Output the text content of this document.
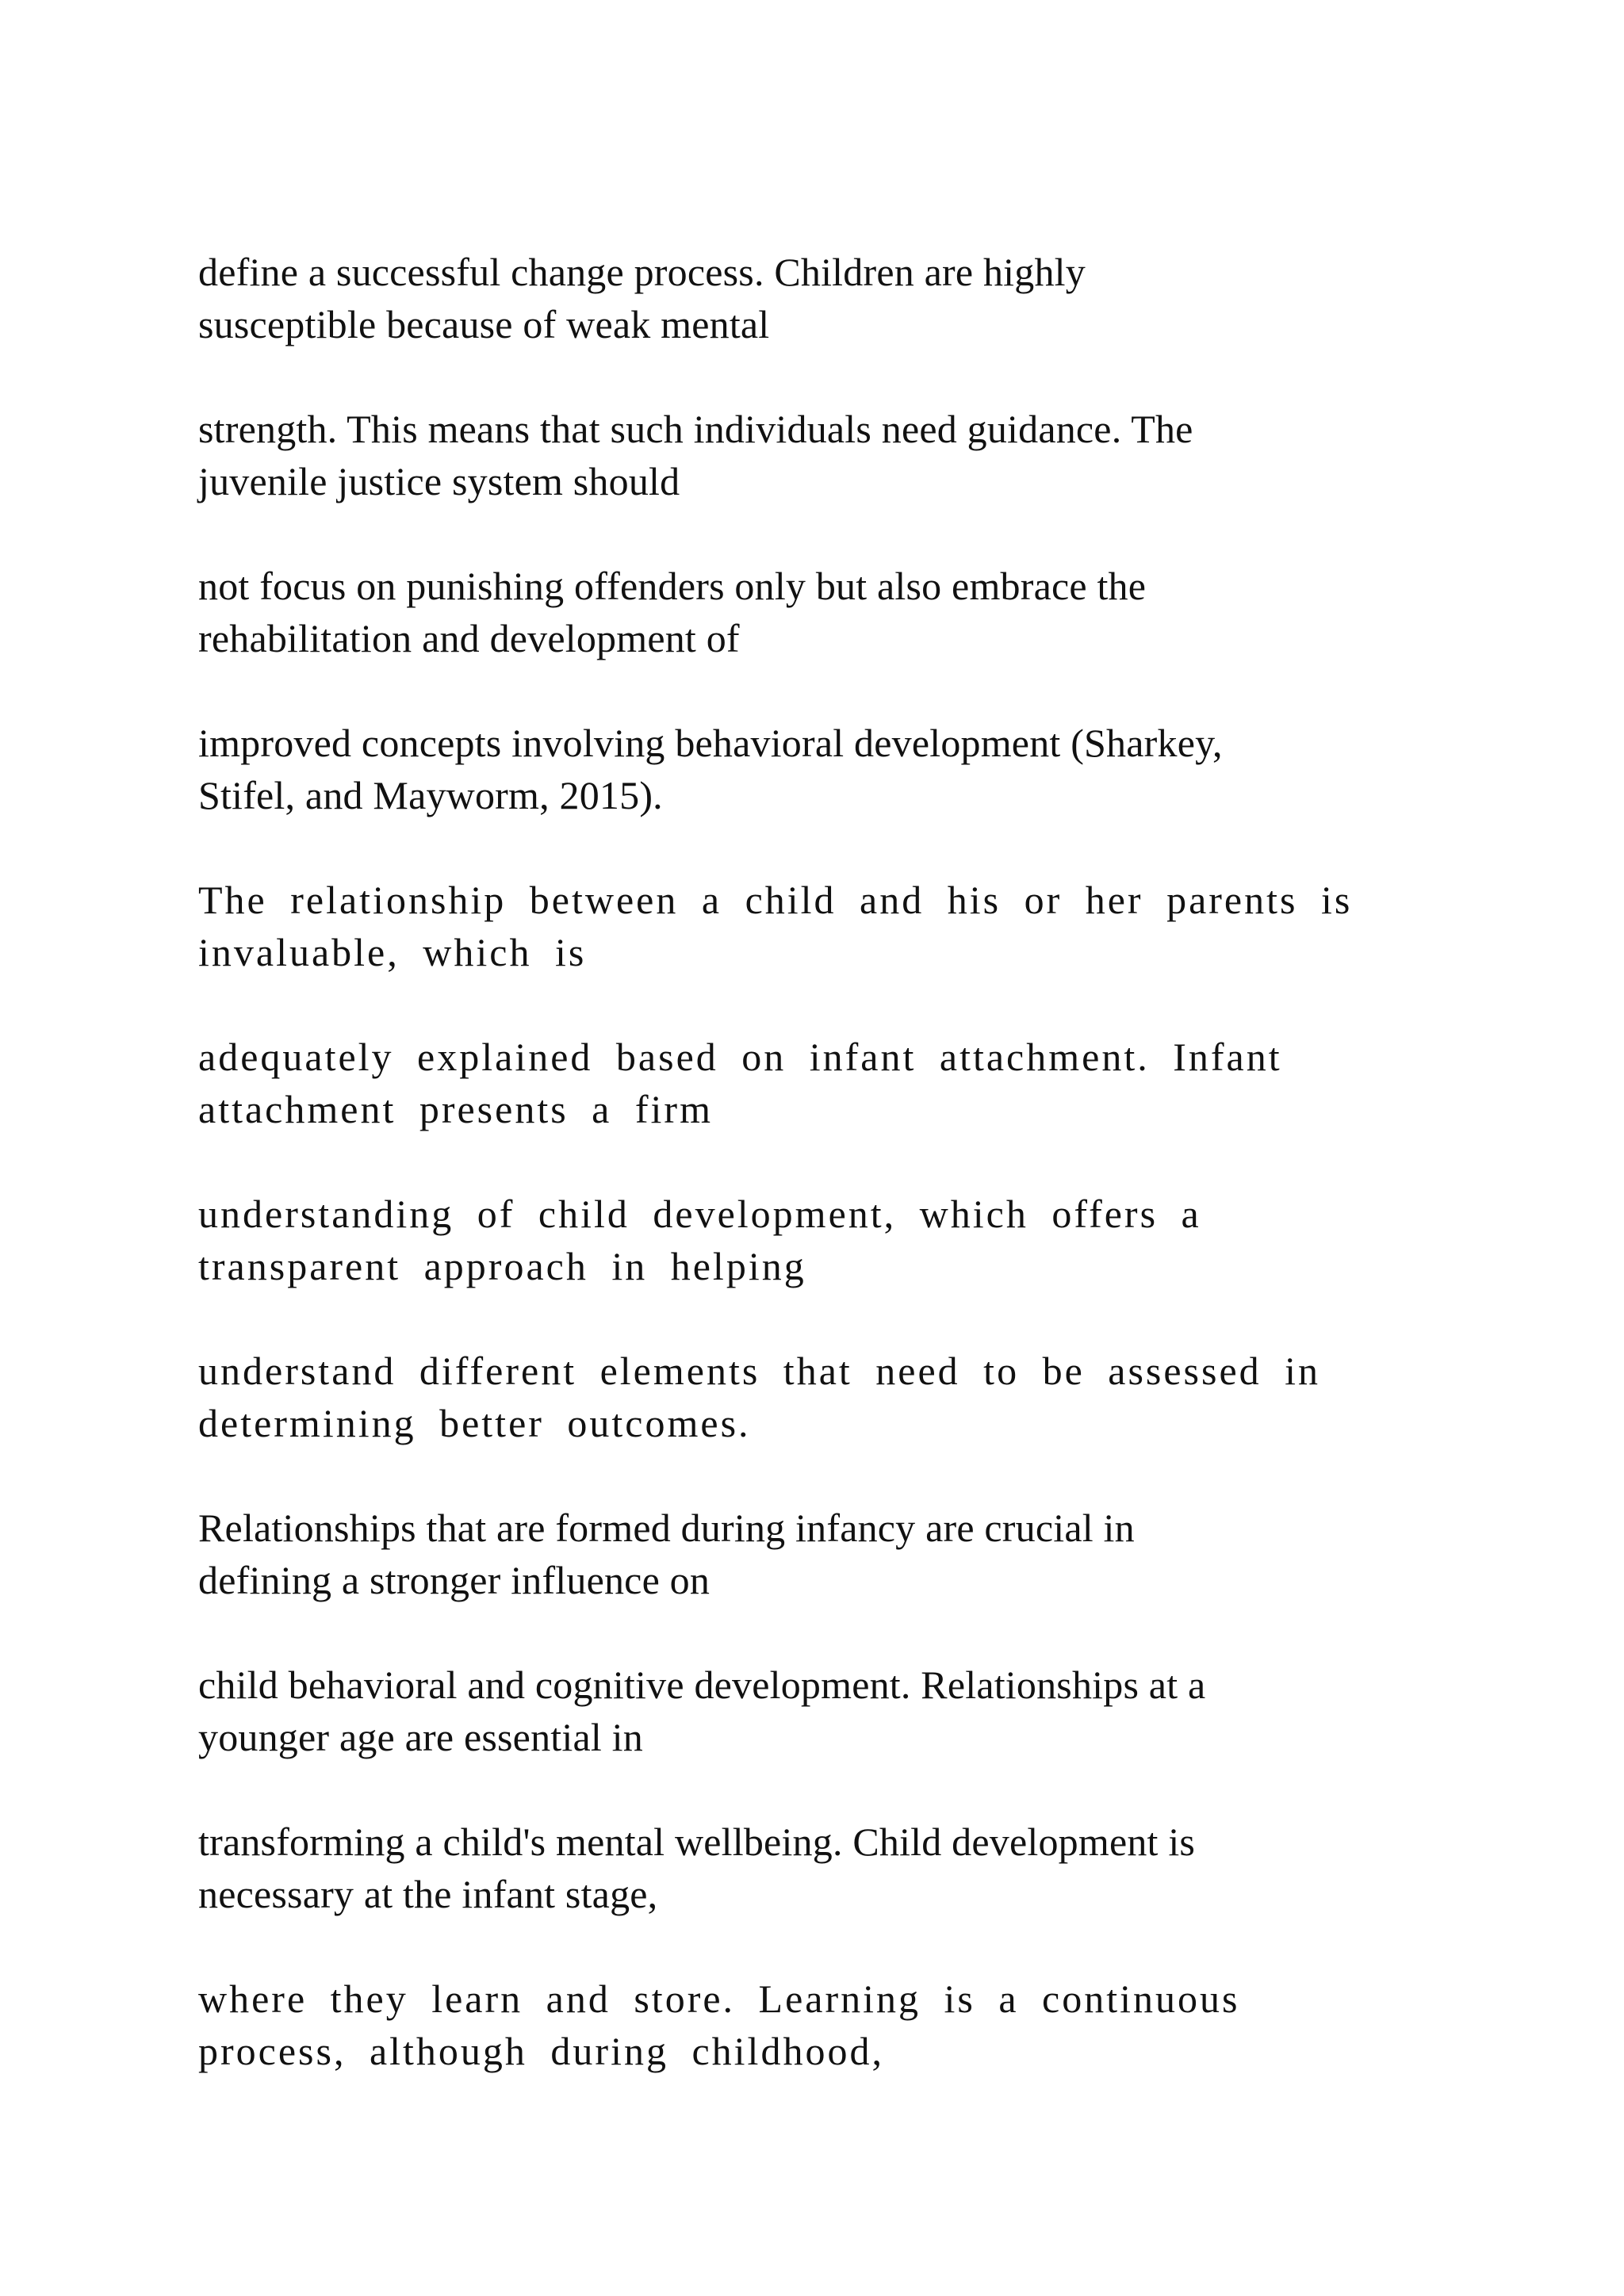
define a successful change process. Children are highly
susceptible because of weak mental

strength. This means that such individuals need guidance. The
juvenile justice system should

not focus on punishing offenders only but also embrace the
rehabilitation and development of

improved concepts involving behavioral development (Sharkey,
Stifel, and Mayworm, 2015).

The relationship between a child and his or her parents is
invaluable, which is

adequately explained based on infant attachment. Infant
attachment presents a firm

understanding of child development, which offers a
transparent approach in helping

understand different elements that need to be assessed in
determining better outcomes.

Relationships that are formed during infancy are crucial in
defining a stronger influence on

child behavioral and cognitive development. Relationships at a
younger age are essential in

transforming a child's mental wellbeing. Child development is
necessary at the infant stage,

where they learn and store. Learning is a continuous
process, although during childhood,
